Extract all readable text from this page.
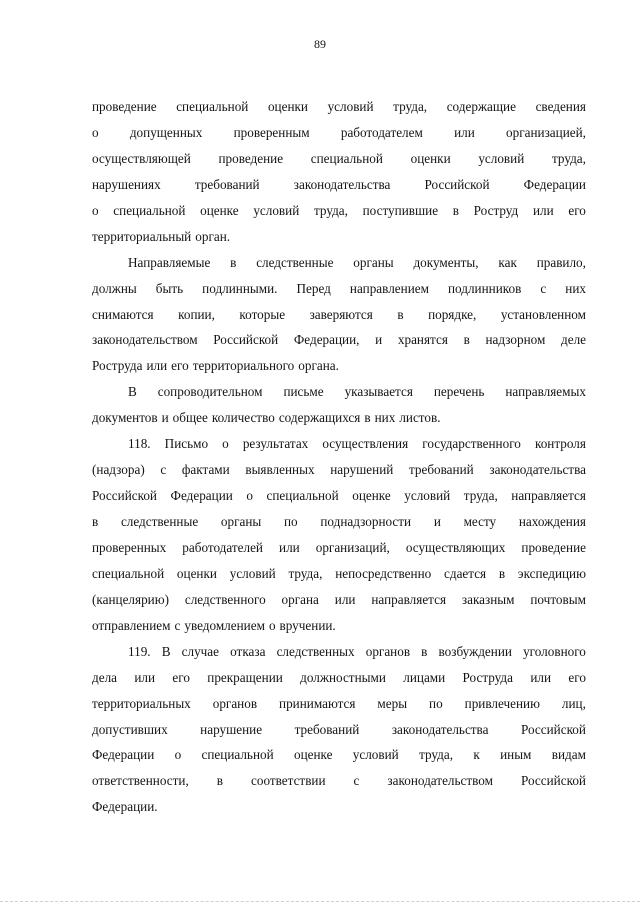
89
проведение специальной оценки условий труда, содержащие сведения
о допущенных проверенным работодателем или организацией,
осуществляющей проведение специальной оценки условий труда,
нарушениях	требований	законодательства	Российской	Федерации
о специальной оценке условий труда, поступившие в Роструд или его
территориальный орган.
Направляемые в следственные органы документы, как правило,
должны быть подлинными. Перед направлением подлинников с них
снимаются копии, которые заверяются в порядке, установленном
законодательством Российской Федерации, и хранятся в надзорном деле
Роструда или его территориального органа.
В сопроводительном письме указывается перечень направляемых
документов и общее количество содержащихся в них листов.
118. Письмо о результатах осуществления государственного контроля
(надзора) с фактами выявленных нарушений требований законодательства
Российской Федерации о специальной оценке условий труда, направляется
в следственные органы по поднадзорности и месту нахождения
проверенных работодателей или организаций, осуществляющих проведение
специальной оценки условий труда, непосредственно сдается в экспедицию
(канцелярию) следственного органа или направляется заказным почтовым
отправлением с уведомлением о вручении.
119. В случае отказа следственных органов в возбуждении уголовного
дела или его прекращении должностными лицами Роструда или его
территориальных органов принимаются меры по привлечению лиц,
допустивших нарушение требований законодательства Российской
Федерации о специальной оценке условий труда, к иным видам
ответственности, в соответствии с законодательством Российской
Федерации.
